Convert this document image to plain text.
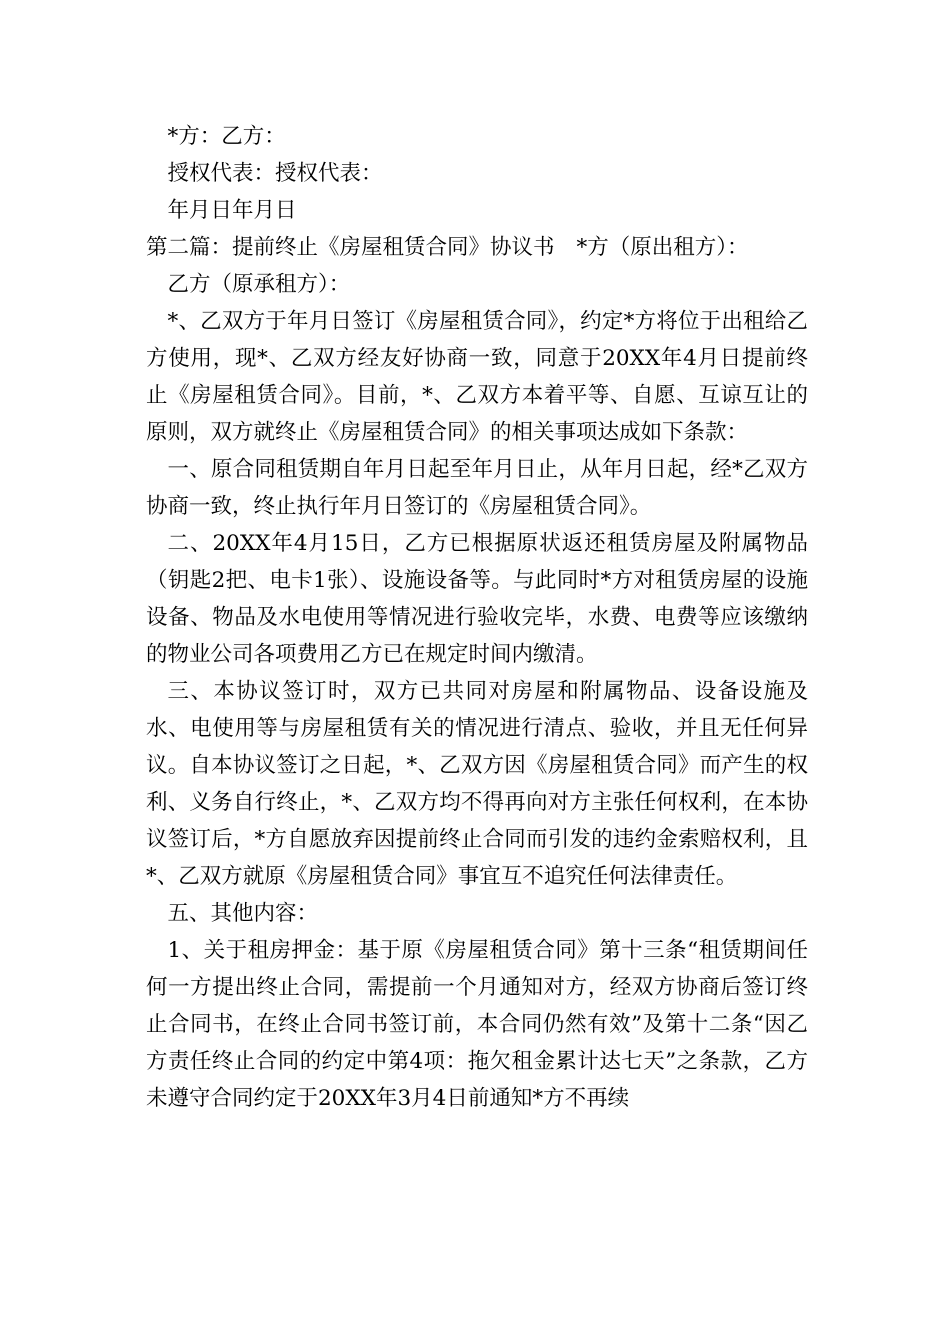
*方：乙方：
授权代表：授权代表：
年月日年月日
第二篇：提前终止《房屋租赁合同》协议书 *方（原出租方）：
乙方（原承租方）：

*、乙双方于年月日签订《房屋租赁合同》，约定*方将位于出租给乙方使用，现*、乙双方经友好协商一致，同意于20XX年4月日提前终止《房屋租赁合同》。目前，*、乙双方本着平等、自愿、互谅互让的原则，双方就终止《房屋租赁合同》的相关事项达成如下条款：

一、原合同租赁期自年月日起至年月日止，从年月日起，经*乙双方协商一致，终止执行年月日签订的《房屋租赁合同》。

二、20XX年4月15日，乙方已根据原状返还租赁房屋及附属物品（钥匙2把、电卡1张）、设施设备等。与此同时*方对租赁房屋的设施设备、物品及水电使用等情况进行验收完毕，水费、电费等应该缴纳的物业公司各项费用乙方已在规定时间内缴清。

三、本协议签订时，双方已共同对房屋和附属物品、设备设施及水、电使用等与房屋租赁有关的情况进行清点、验收，并且无任何异议。自本协议签订之日起，*、乙双方因《房屋租赁合同》而产生的权利、义务自行终止，*、乙双方均不得再向对方主张任何权利，在本协议签订后，*方自愿放弃因提前终止合同而引发的违约金索赔权利，且*、乙双方就原《房屋租赁合同》事宜互不追究任何法律责任。

五、其他内容：

1、关于租房押金：基于原《房屋租赁合同》第十三条“租赁期间任何一方提出终止合同，需提前一个月通知对方，经双方协商后签订终止合同书，在终止合同书签订前，本合同仍然有效”及第十二条“因乙方责任终止合同的约定中第4项：拖欠租金累计达七天”之条款，乙方未遵守合同约定于20XX年3月4日前通知*方不再续
